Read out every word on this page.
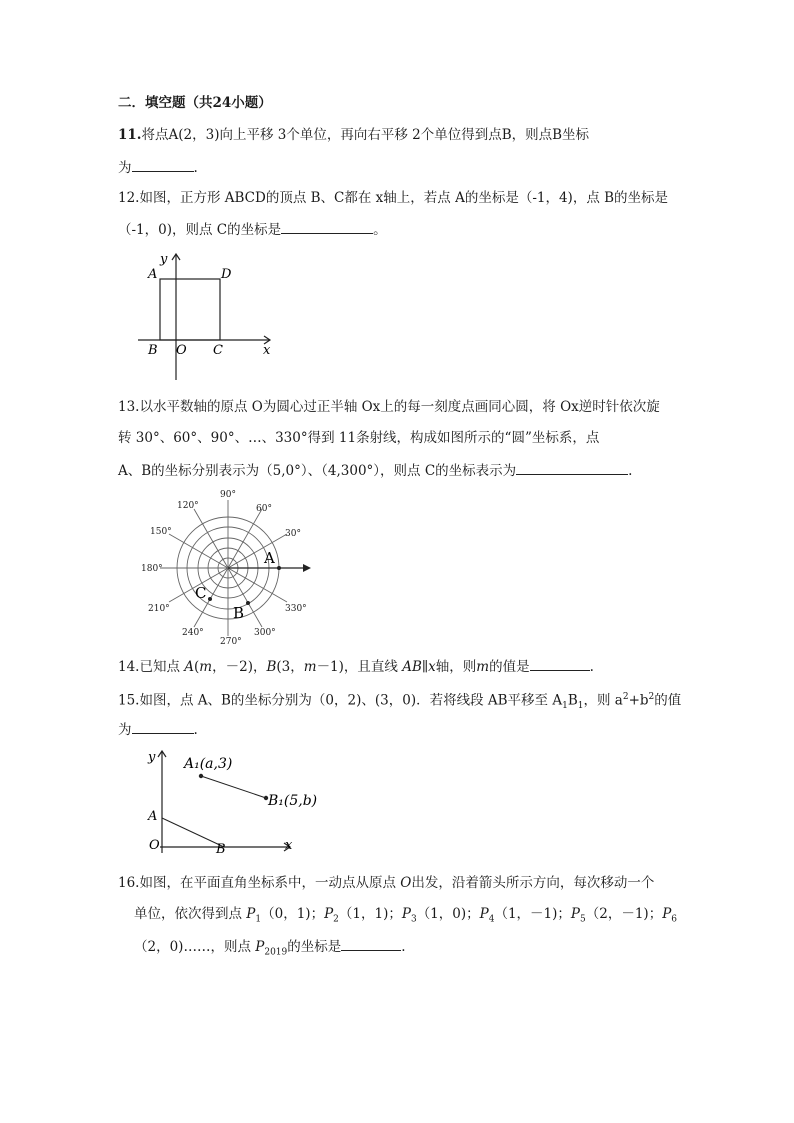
二．填空题（共24小题）
11.将点A(2，3)向上平移 3个单位，再向右平移 2个单位得到点B，则点B坐标
为	.
12.如图，正方形 ABCD的顶点 B、C都在 x轴上，若点 A的坐标是（-1，4)，点 B的坐标是
（-1，0)，则点 C的坐标是	。
y
A	D
B O C	x
13.以水平数轴的原点 O为圆心过正半轴 Ox上的每一刻度点画同心圆，将 Ox逆时针依次旋
转 30°、60°、90°、…、330°得到 11条射线，构成如图所示的“圆”坐标系，点
A、B的坐标分别表示为（5,0°）、（4,300°），则点 C的坐标表示为	.
A
B
C
90°
120°	60°
150°	30°
180°
210°	330°
240°	300°
270°
14.已知点 A(m，－2)，B(3，m－1)，且直线 AB∥x轴，则m的值是	.
15.如图，点 A、B的坐标分别为（0，2)、(3，0)．若将线段 AB平移至 $A_1B_1$，则 $a^2+b^2$的值
为	.
y A₁(a,3)
B₁(5,b)
A
O	B	x
16.如图，在平面直角坐标系中，一动点从原点 O出发，沿着箭头所示方向，每次移动一个
单位，依次得到点 $P_1(0$，1)；$P_2(1$，1)；$P_3(1$，0)；$P_4(1$，－1)；$P_5(2$，－1)；$P_6$
（2，0)……，则点 $P_{2019}$的坐标是	.
